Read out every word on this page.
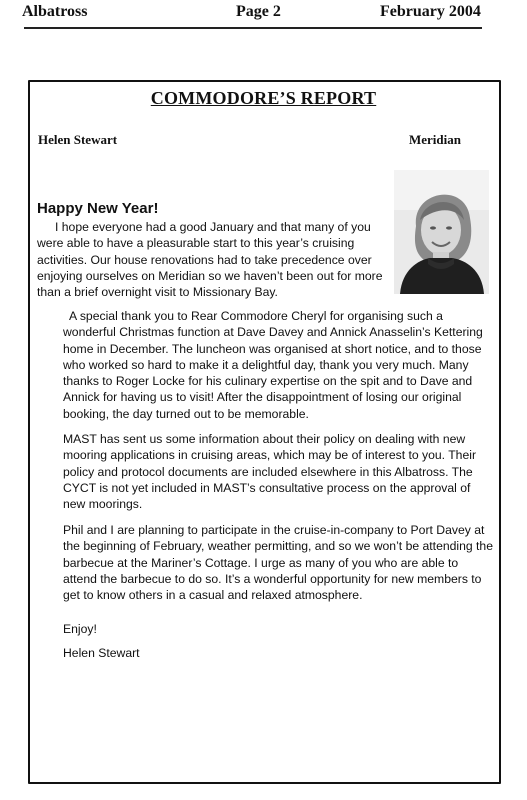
Albatross	Page 2	February 2004
COMMODORE’S REPORT
Helen Stewart	Meridian
Happy New Year!

I hope everyone had a good January and that many of you were able to have a pleasurable start to this year’s cruising activities. Our house renovations had to take precedence over enjoying ourselves on Meridian so we haven’t been out for more than a brief overnight visit to Missionary Bay.

A special thank you to Rear Commodore Cheryl for organising such a wonderful Christmas function at Dave Davey and Annick Anasselin’s Kettering home in December. The luncheon was organised at short notice, and to those who worked so hard to make it a delightful day, thank you very much. Many thanks to Roger Locke for his culinary expertise on the spit and to Dave and Annick for having us to visit! After the disappointment of losing our original booking, the day turned out to be memorable.

MAST has sent us some information about their policy on dealing with new mooring applications in cruising areas, which may be of interest to you. Their policy and protocol documents are included elsewhere in this Albatross. The CYCT is not yet included in MAST’s consultative process on the approval of new moorings.

Phil and I are planning to participate in the cruise-in-company to Port Davey at the beginning of February, weather permitting, and so we won’t be attending the barbecue at the Mariner’s Cottage. I urge as many of you who are able to attend the barbecue to do so. It’s a wonderful opportunity for new members to get to know others in a casual and relaxed atmosphere.

Enjoy!

Helen Stewart
